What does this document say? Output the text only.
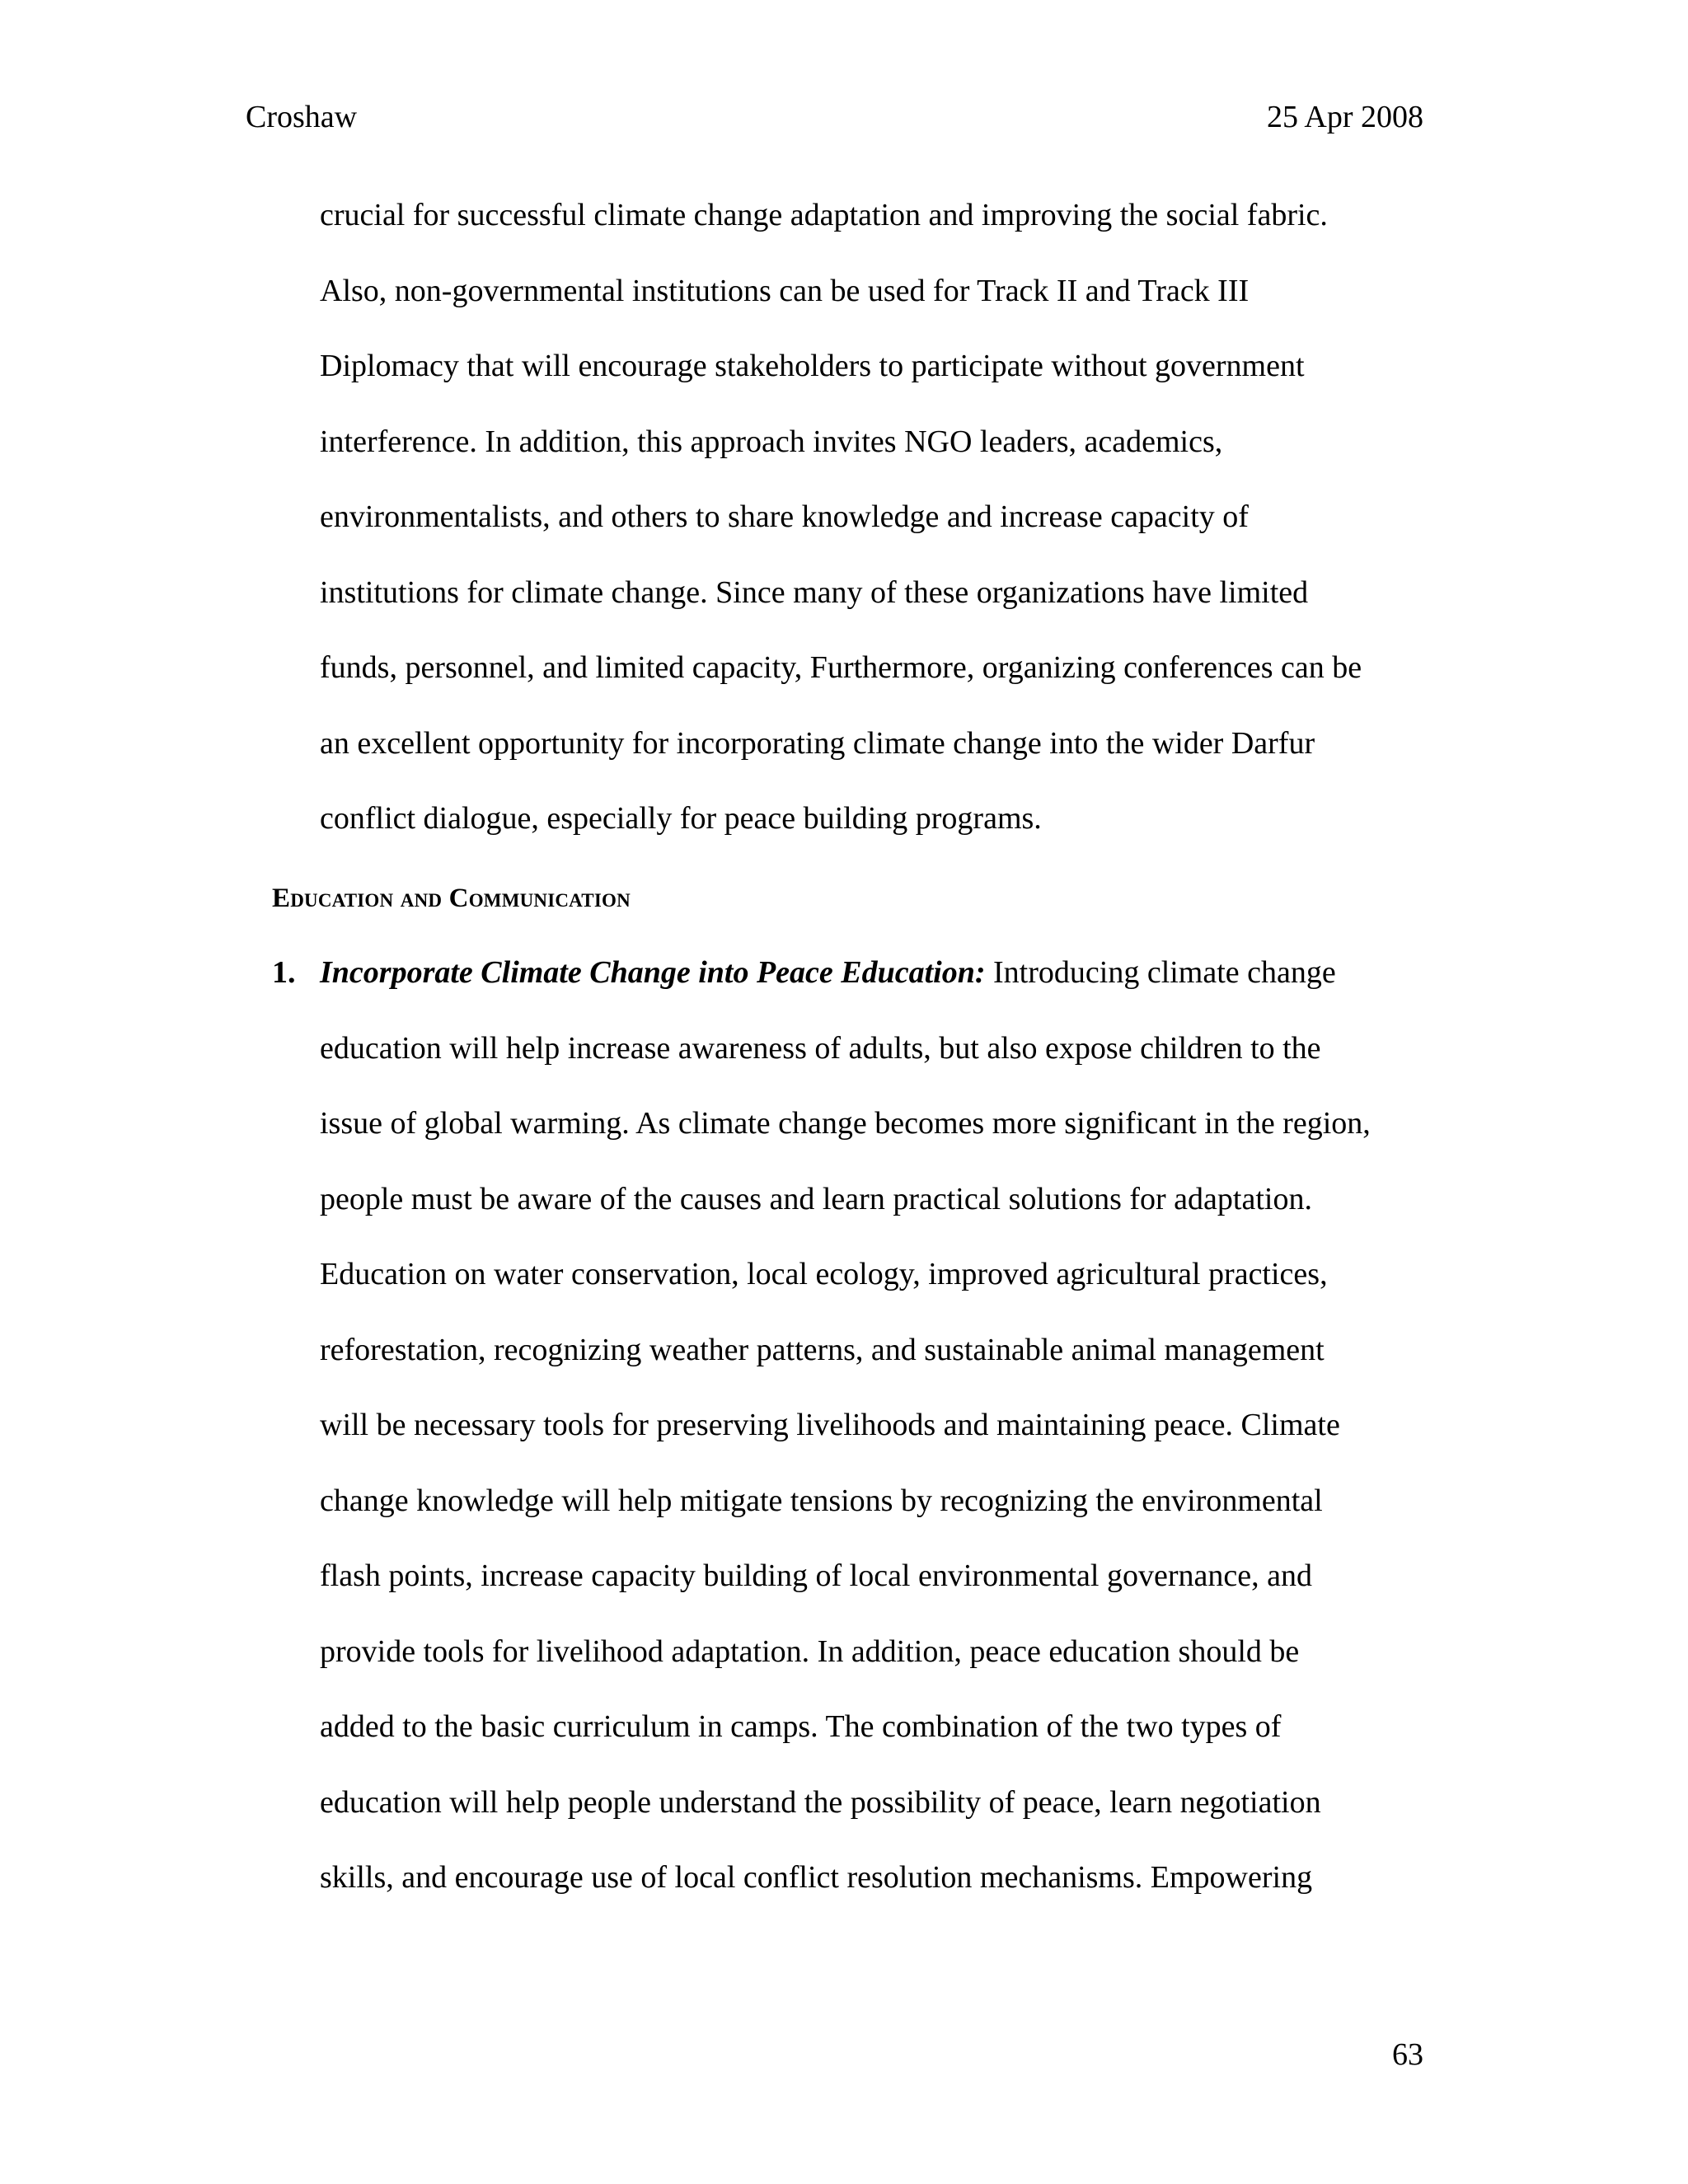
Croshaw	25 Apr 2008
crucial for successful climate change adaptation and improving the social fabric.
Also, non-governmental institutions can be used for Track II and Track III
Diplomacy that will encourage stakeholders to participate without government
interference. In addition, this approach invites NGO leaders, academics,
environmentalists, and others to share knowledge and increase capacity of
institutions for climate change. Since many of these organizations have limited
funds, personnel, and limited capacity, Furthermore, organizing conferences can be
an excellent opportunity for incorporating climate change into the wider Darfur
conflict dialogue, especially for peace building programs.
Education and Communication
1. Incorporate Climate Change into Peace Education: Introducing climate change
education will help increase awareness of adults, but also expose children to the
issue of global warming. As climate change becomes more significant in the region,
people must be aware of the causes and learn practical solutions for adaptation.
Education on water conservation, local ecology, improved agricultural practices,
reforestation, recognizing weather patterns, and sustainable animal management
will be necessary tools for preserving livelihoods and maintaining peace. Climate
change knowledge will help mitigate tensions by recognizing the environmental
flash points, increase capacity building of local environmental governance, and
provide tools for livelihood adaptation. In addition, peace education should be
added to the basic curriculum in camps. The combination of the two types of
education will help people understand the possibility of peace, learn negotiation
skills, and encourage use of local conflict resolution mechanisms. Empowering
63
